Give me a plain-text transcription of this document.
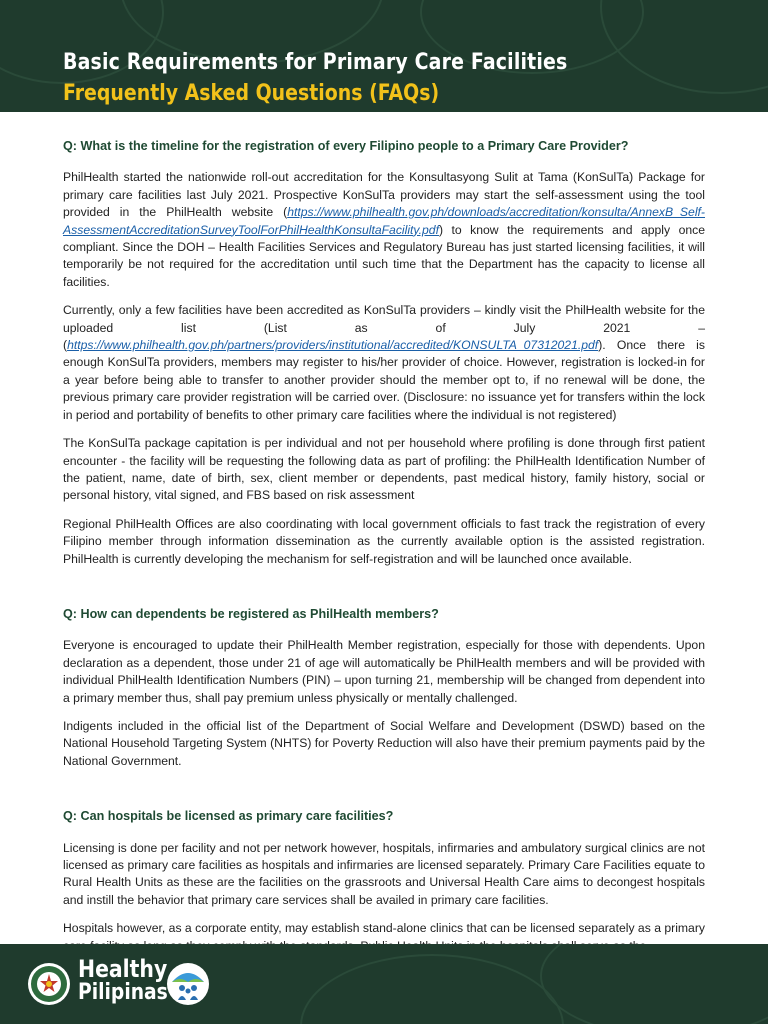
Basic Requirements for Primary Care Facilities
Frequently Asked Questions (FAQs)

Q: What is the timeline for the registration of every Filipino people to a Primary Care Provider?

PhilHealth started the nationwide roll-out accreditation for the Konsultasyong Sulit at Tama (KonSulTa) Package for primary care facilities last July 2021. Prospective KonSulTa providers may start the self-assessment using the tool provided in the PhilHealth website (https://www.philhealth.gov.ph/downloads/accreditation/konsulta/AnnexB_Self-AssessmentAccreditationSurveyToolForPhilHealthKonsultaFacility.pdf) to know the requirements and apply once compliant. Since the DOH – Health Facilities Services and Regulatory Bureau has just started licensing facilities, it will temporarily be not required for the accreditation until such time that the Department has the capacity to license all facilities.

Currently, only a few facilities have been accredited as KonSulTa providers – kindly visit the PhilHealth website for the uploaded list (List as of July 2021 – (https://www.philhealth.gov.ph/partners/providers/institutional/accredited/KONSULTA_07312021.pdf). Once there is enough KonSulTa providers, members may register to his/her provider of choice. However, registration is locked-in for a year before being able to transfer to another provider should the member opt to, if no renewal will be done, the previous primary care provider registration will be carried over. (Disclosure: no issuance yet for transfers within the lock in period and portability of benefits to other primary care facilities where the individual is not registered)

The KonSulTa package capitation is per individual and not per household where profiling is done through first patient encounter - the facility will be requesting the following data as part of profiling: the PhilHealth Identification Number of the patient, name, date of birth, sex, client member or dependents, past medical history, family history, social or personal history, vital signed, and FBS based on risk assessment

Regional PhilHealth Offices are also coordinating with local government officials to fast track the registration of every Filipino member through information dissemination as the currently available option is the assisted registration. PhilHealth is currently developing the mechanism for self-registration and will be launched once available.

Q: How can dependents be registered as PhilHealth members?

Everyone is encouraged to update their PhilHealth Member registration, especially for those with dependents. Upon declaration as a dependent, those under 21 of age will automatically be PhilHealth members and will be provided with individual PhilHealth Identification Numbers (PIN) – upon turning 21, membership will be changed from dependent into a primary member thus, shall pay premium unless physically or mentally challenged.

Indigents included in the official list of the Department of Social Welfare and Development (DSWD) based on the National Household Targeting System (NHTS) for Poverty Reduction will also have their premium payments paid by the National Government.

Q: Can hospitals be licensed as primary care facilities?

Licensing is done per facility and not per network however, hospitals, infirmaries and ambulatory surgical clinics are not licensed as primary care facilities as hospitals and infirmaries are licensed separately. Primary Care Facilities equate to Rural Health Units as these are the facilities on the grassroots and Universal Health Care aims to decongest hospitals and instill the behavior that primary care services shall be availed in primary care facilities.

Hospitals however, as a corporate entity, may establish stand-alone clinics that can be licensed separately as a primary

Healthy
Pilipinas
